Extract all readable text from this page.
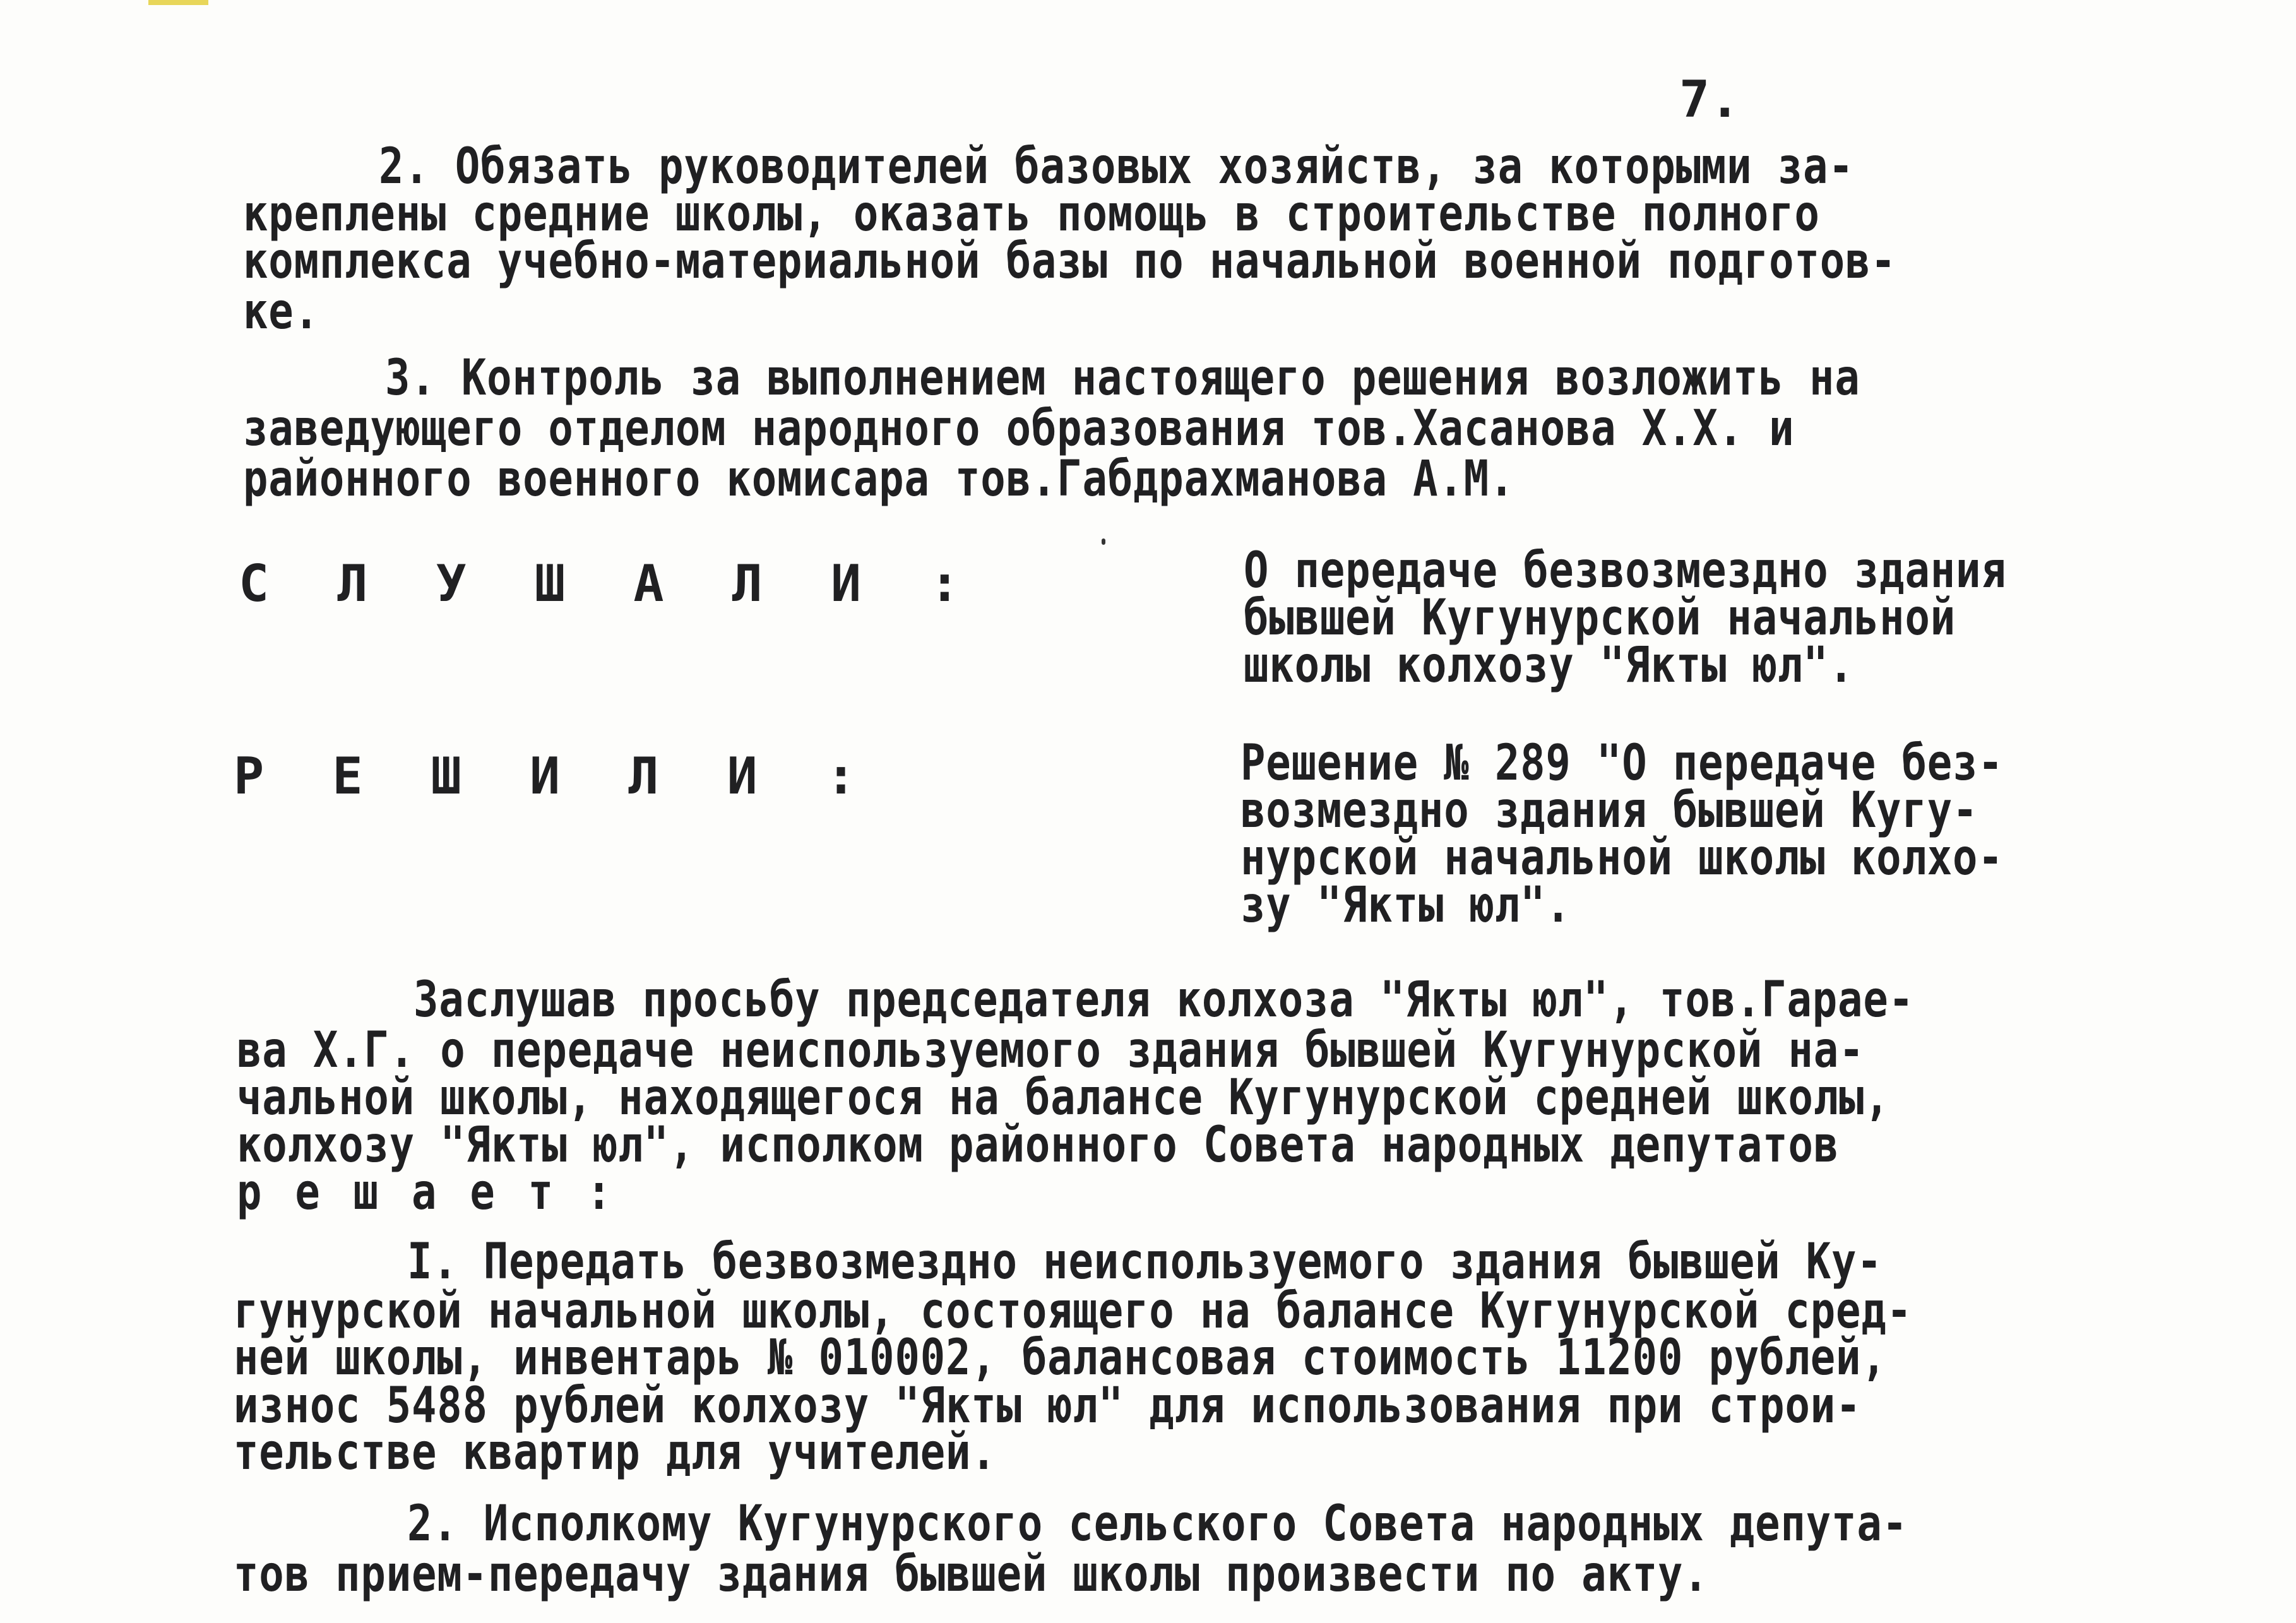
7.
2. Обязать руководителей базовых хозяйств, за которыми за-
креплены средние школы, оказать помощь в строительстве полного
комплекса учебно-материальной базы по начальной военной подготов-
ке.
3. Контроль за выполнением настоящего решения возложить на
заведующего отделом народного образования тов.Хасанова Х.Х. и
районного военного комисара тов.Габдрахманова А.М.
С Л У Ш А Л И :	О передаче безвозмездно здания
бывшей Кугунурской начальной
школы колхозу "Якты юл".
Р Е Ш И Л И :	Решение № 289 "О передаче без-
возмездно здания бывшей Кугу-
нурской начальной школы колхо-
зу "Якты юл".
Заслушав просьбу председателя колхоза "Якты юл", тов.Гарае-
ва Х.Г. о передаче неиспользуемого здания бывшей Кугунурской на-
чальной школы, находящегося на балансе Кугунурской средней школы,
колхозу "Якты юл", исполком районного Совета народных депутатов
р е ш а е т :
I. Передать безвозмездно неиспользуемого здания бывшей Ку-
гунурской начальной школы, состоящего на балансе Кугунурской сред-
ней школы, инвентарь № 010002, балансовая стоимость 11200 рублей,
износ 5488 рублей колхозу "Якты юл" для использования при строи-
тельстве квартир для учителей.
2. Исполкому Кугунурского сельского Совета народных депута-
тов прием-передачу здания бывшей школы произвести по акту.
